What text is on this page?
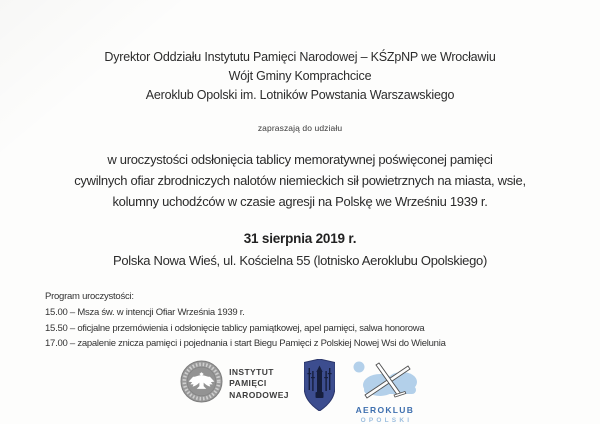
Dyrektor Oddziału Instytutu Pamięci Narodowej – KŚZpNP we Wrocławiu
Wójt Gminy Komprachcice
Aeroklub Opolski im. Lotników Powstania Warszawskiego
zapraszają do udziału
w uroczystości odsłonięcia tablicy memoratywnej poświęconej pamięci
cywilnych ofiar zbrodniczych nalotów niemieckich sił powietrznych na miasta, wsie,
kolumny uchodźców w czasie agresji na Polskę we Wrześniu 1939 r.
31 sierpnia 2019 r.
Polska Nowa Wieś, ul. Kościelna 55 (lotnisko Aeroklubu Opolskiego)
Program uroczystości:
15.00 – Msza św. w intencji Ofiar Września 1939 r.
15.50 – oficjalne przemówienia i odsłonięcie tablicy pamiątkowej, apel pamięci, salwa honorowa
17.00 – zapalenie znicza pamięci i pojednania i start Biegu Pamięci z Polskiej Nowej Wsi do Wielunia
INSTYTUT
PAMIĘCI
NARODOWEJ
AEROKLUB
OPOLSKI
